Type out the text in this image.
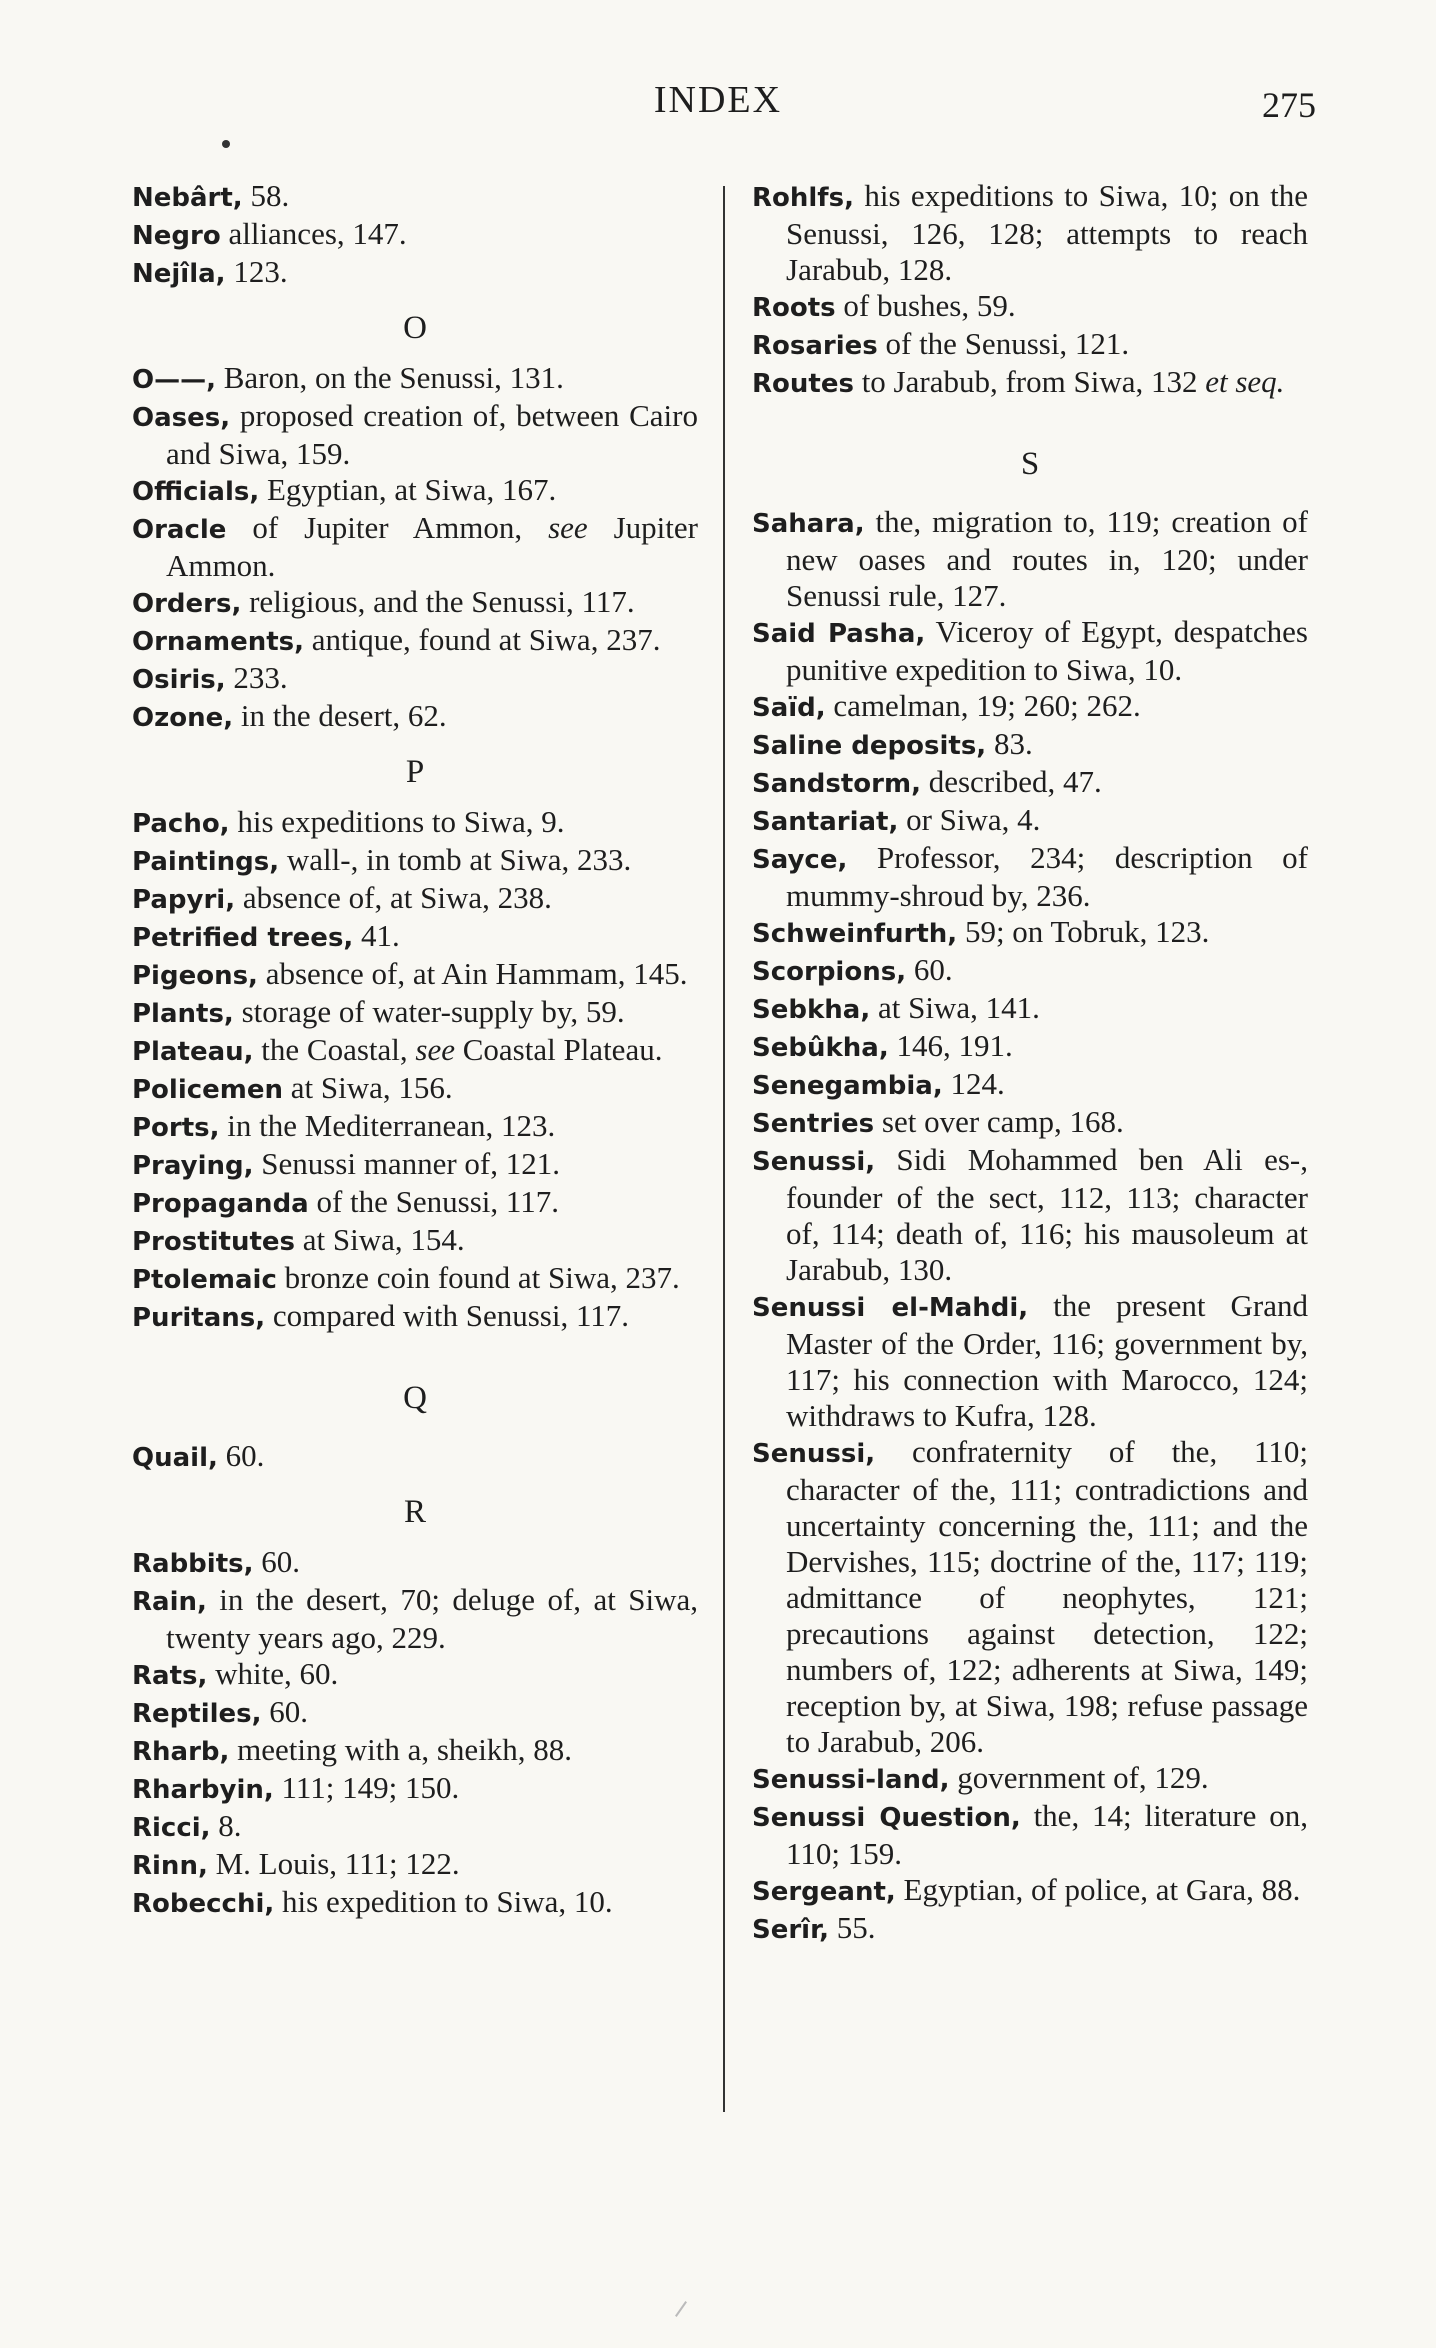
INDEX	275
Nebârt, 58.
Negro alliances, 147.
Nejîla, 123.
O
O——, Baron, on the Senussi, 131.
Oases, proposed creation of, between Cairo and Siwa, 159.
Officials, Egyptian, at Siwa, 167.
Oracle of Jupiter Ammon, see Jupiter Ammon.
Orders, religious, and the Senussi, 117.
Ornaments, antique, found at Siwa, 237.
Osiris, 233.
Ozone, in the desert, 62.
P
Pacho, his expeditions to Siwa, 9.
Paintings, wall-, in tomb at Siwa, 233.
Papyri, absence of, at Siwa, 238.
Petrified trees, 41.
Pigeons, absence of, at Ain Hammam, 145.
Plants, storage of water-supply by, 59.
Plateau, the Coastal, see Coastal Plateau.
Policemen at Siwa, 156.
Ports, in the Mediterranean, 123.
Praying, Senussi manner of, 121.
Propaganda of the Senussi, 117.
Prostitutes at Siwa, 154.
Ptolemaic bronze coin found at Siwa, 237.
Puritans, compared with Senussi, 117.
Q
Quail, 60.
R
Rabbits, 60.
Rain, in the desert, 70; deluge of, at Siwa, twenty years ago, 229.
Rats, white, 60.
Reptiles, 60.
Rharb, meeting with a, sheikh, 88.
Rharbyin, 111; 149; 150.
Ricci, 8.
Rinn, M. Louis, 111; 122.
Robecchi, his expedition to Siwa, 10.
Rohlfs, his expeditions to Siwa, 10; on the Senussi, 126, 128; attempts to reach Jarabub, 128.
Roots of bushes, 59.
Rosaries of the Senussi, 121.
Routes to Jarabub, from Siwa, 132 et seq.
S
Sahara, the, migration to, 119; creation of new oases and routes in, 120; under Senussi rule, 127.
Said Pasha, Viceroy of Egypt, despatches punitive expedition to Siwa, 10.
Saïd, camelman, 19; 260; 262.
Saline deposits, 83.
Sandstorm, described, 47.
Santariat, or Siwa, 4.
Sayce, Professor, 234; description of mummy-shroud by, 236.
Schweinfurth, 59; on Tobruk, 123.
Scorpions, 60.
Sebkha, at Siwa, 141.
Sebûkha, 146, 191.
Senegambia, 124.
Sentries set over camp, 168.
Senussi, Sidi Mohammed ben Ali es-, founder of the sect, 112, 113; character of, 114; death of, 116; his mausoleum at Jarabub, 130.
Senussi el-Mahdi, the present Grand Master of the Order, 116; government by, 117; his connection with Marocco, 124; withdraws to Kufra, 128.
Senussi, confraternity of the, 110; character of the, 111; contradictions and uncertainty concerning the, 111; and the Dervishes, 115; doctrine of the, 117; 119; admittance of neophytes, 121; precautions against detection, 122; numbers of, 122; adherents at Siwa, 149; reception by, at Siwa, 198; refuse passage to Jarabub, 206.
Senussi-land, government of, 129.
Senussi Question, the, 14; literature on, 110; 159.
Sergeant, Egyptian, of police, at Gara, 88.
Serîr, 55.
